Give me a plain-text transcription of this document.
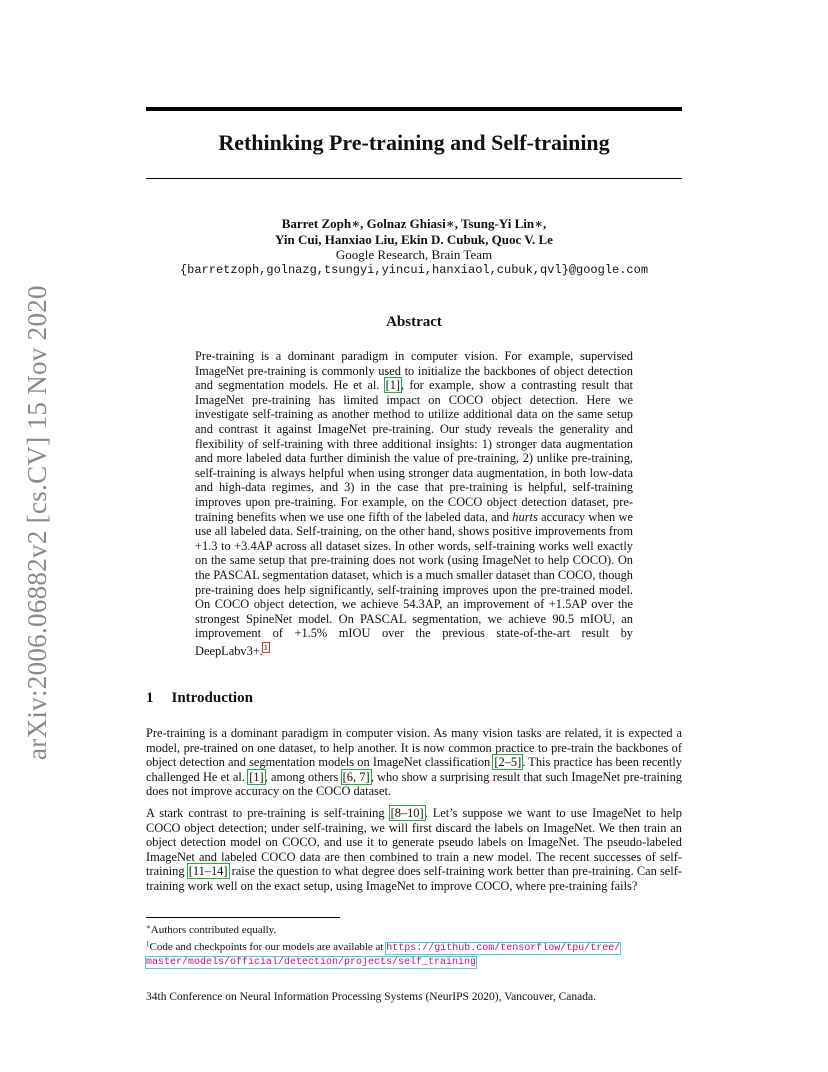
arXiv:2006.06882v2 [cs.CV] 15 Nov 2020
Rethinking Pre-training and Self-training
Barret Zoph∗, Golnaz Ghiasi∗, Tsung-Yi Lin∗,
Yin Cui, Hanxiao Liu, Ekin D. Cubuk, Quoc V. Le
Google Research, Brain Team
{barretzoph,golnazg,tsungyi,yincui,hanxiaol,cubuk,qvl}@google.com
Abstract
Pre-training is a dominant paradigm in computer vision. For example, supervised ImageNet pre-training is commonly used to initialize the backbones of object detection and segmentation models. He et al. [1], for example, show a contrasting result that ImageNet pre-training has limited impact on COCO object detection. Here we investigate self-training as another method to utilize additional data on the same setup and contrast it against ImageNet pre-training. Our study reveals the generality and flexibility of self-training with three additional insights: 1) stronger data augmentation and more labeled data further diminish the value of pre-training, 2) unlike pre-training, self-training is always helpful when using stronger data augmentation, in both low-data and high-data regimes, and 3) in the case that pre-training is helpful, self-training improves upon pre-training. For example, on the COCO object detection dataset, pre-training benefits when we use one fifth of the labeled data, and hurts accuracy when we use all labeled data. Self-training, on the other hand, shows positive improvements from +1.3 to +3.4AP across all dataset sizes. In other words, self-training works well exactly on the same setup that pre-training does not work (using ImageNet to help COCO). On the PASCAL segmentation dataset, which is a much smaller dataset than COCO, though pre-training does help significantly, self-training improves upon the pre-trained model. On COCO object detection, we achieve 54.3AP, an improvement of +1.5AP over the strongest SpineNet model. On PASCAL segmentation, we achieve 90.5 mIOU, an improvement of +1.5% mIOU over the previous state-of-the-art result by DeepLabv3+.$^1$
1 Introduction
Pre-training is a dominant paradigm in computer vision. As many vision tasks are related, it is expected a model, pre-trained on one dataset, to help another. It is now common practice to pre-train the backbones of object detection and segmentation models on ImageNet classification [2–5]. This practice has been recently challenged He et al. [1], among others [6, 7], who show a surprising result that such ImageNet pre-training does not improve accuracy on the COCO dataset.
A stark contrast to pre-training is self-training [8–10]. Let’s suppose we want to use ImageNet to help COCO object detection; under self-training, we will first discard the labels on ImageNet. We then train an object detection model on COCO, and use it to generate pseudo labels on ImageNet. The pseudo-labeled ImageNet and labeled COCO data are then combined to train a new model. The recent successes of self-training [11–14] raise the question to what degree does self-training work better than pre-training. Can self-training work well on the exact setup, using ImageNet to improve COCO, where pre-training fails?
∗Authors contributed equally.
$^1$Code and checkpoints for our models are available at https://github.com/tensorflow/tpu/tree/
master/models/official/detection/projects/self_training
34th Conference on Neural Information Processing Systems (NeurIPS 2020), Vancouver, Canada.
